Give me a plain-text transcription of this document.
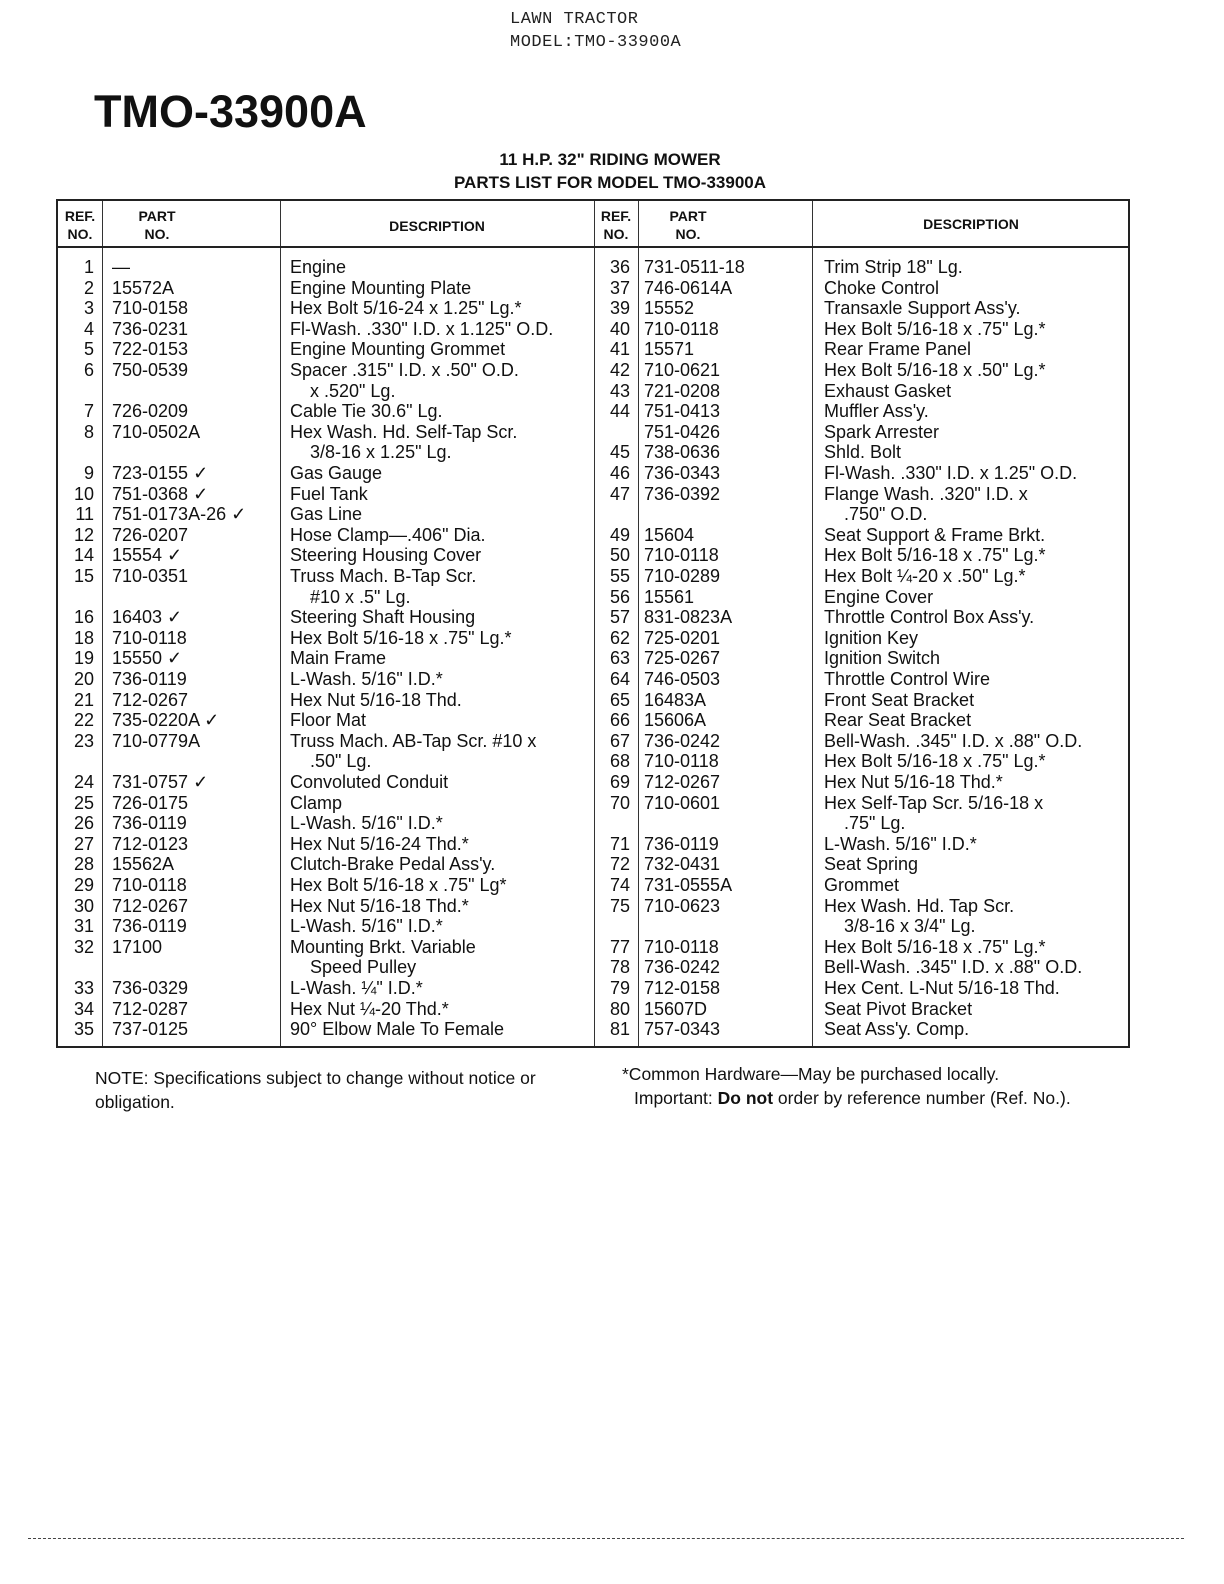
LAWN TRACTOR
MODEL:TMO-33900A
TMO-33900A
11 H.P. 32" RIDING MOWER
PARTS LIST FOR MODEL TMO-33900A
REF.
NO.
PART
NO.	DESCRIPTION
REF.
NO.
PART
NO.
DESCRIPTION
1 —	Engine
2 15572A	Engine Mounting Plate
3 710-0158	Hex Bolt 5/16-24 x 1.25" Lg.*
4 736-0231	Fl-Wash. .330" I.D. x 1.125" O.D.
5 722-0153	Engine Mounting Grommet
6 750-0539	Spacer .315" I.D. x .50" O.D.
x .520" Lg.
7 726-0209	Cable Tie 30.6" Lg.
8 710-0502A	Hex Wash. Hd. Self-Tap Scr.
3/8-16 x 1.25" Lg.
9 723-0155 ✓	Gas Gauge
10 751-0368 ✓	Fuel Tank
11 751-0173A-26 ✓ Gas Line
12 726-0207	Hose Clamp—.406" Dia.
14 15554 ✓	Steering Housing Cover
15 710-0351	Truss Mach. B-Tap Scr.
#10 x .5" Lg.
16 16403 ✓	Steering Shaft Housing
18 710-0118	Hex Bolt 5/16-18 x .75" Lg.*
19 15550 ✓	Main Frame
20 736-0119	L-Wash. 5/16" I.D.*
21 712-0267	Hex Nut 5/16-18 Thd.
22 735-0220A ✓	Floor Mat
23 710-0779A	Truss Mach. AB-Tap Scr. #10 x
.50" Lg.
24 731-0757 ✓	Convoluted Conduit
25 726-0175	Clamp
26 736-0119	L-Wash. 5/16" I.D.*
27 712-0123	Hex Nut 5/16-24 Thd.*
28 15562A	Clutch-Brake Pedal Ass'y.
29 710-0118	Hex Bolt 5/16-18 x .75" Lg*
30 712-0267	Hex Nut 5/16-18 Thd.*
31 736-0119	L-Wash. 5/16" I.D.*
32 17100	Mounting Brkt. Variable
Speed Pulley
33 736-0329	L-Wash. ¼" I.D.*
34 712-0287	Hex Nut ¼-20 Thd.*
35 737-0125	90° Elbow Male To Female
36 731-0511-18	Trim Strip 18" Lg.
37 746-0614A	Choke Control
39 15552	Transaxle Support Ass'y.
40 710-0118	Hex Bolt 5/16-18 x .75" Lg.*
41 15571	Rear Frame Panel
42 710-0621	Hex Bolt 5/16-18 x .50" Lg.*
43 721-0208	Exhaust Gasket
44 751-0413	Muffler Ass'y.
751-0426	Spark Arrester
45 738-0636	Shld. Bolt
46 736-0343	Fl-Wash. .330" I.D. x 1.25" O.D.
47 736-0392	Flange Wash. .320" I.D. x
.750" O.D.
49 15604	Seat Support & Frame Brkt.
50 710-0118	Hex Bolt 5/16-18 x .75" Lg.*
55 710-0289	Hex Bolt ¼-20 x .50" Lg.*
56 15561	Engine Cover
57 831-0823A	Throttle Control Box Ass'y.
62 725-0201	Ignition Key
63 725-0267	Ignition Switch
64 746-0503	Throttle Control Wire
65 16483A	Front Seat Bracket
66 15606A	Rear Seat Bracket
67 736-0242	Bell-Wash. .345" I.D. x .88" O.D.
68 710-0118	Hex Bolt 5/16-18 x .75" Lg.*
69 712-0267	Hex Nut 5/16-18 Thd.*
70 710-0601	Hex Self-Tap Scr. 5/16-18 x
.75" Lg.
71 736-0119	L-Wash. 5/16" I.D.*
72 732-0431	Seat Spring
74 731-0555A	Grommet
75 710-0623	Hex Wash. Hd. Tap Scr.
3/8-16 x 3/4" Lg.
77 710-0118	Hex Bolt 5/16-18 x .75" Lg.*
78 736-0242	Bell-Wash. .345" I.D. x .88" O.D.
79 712-0158	Hex Cent. L-Nut 5/16-18 Thd.
80 15607D	Seat Pivot Bracket
81 757-0343	Seat Ass'y. Comp.
NOTE: Specifications subject to change without notice or obligation.
*Common Hardware—May be purchased locally.
Important: Do not order by reference number (Ref. No.).
